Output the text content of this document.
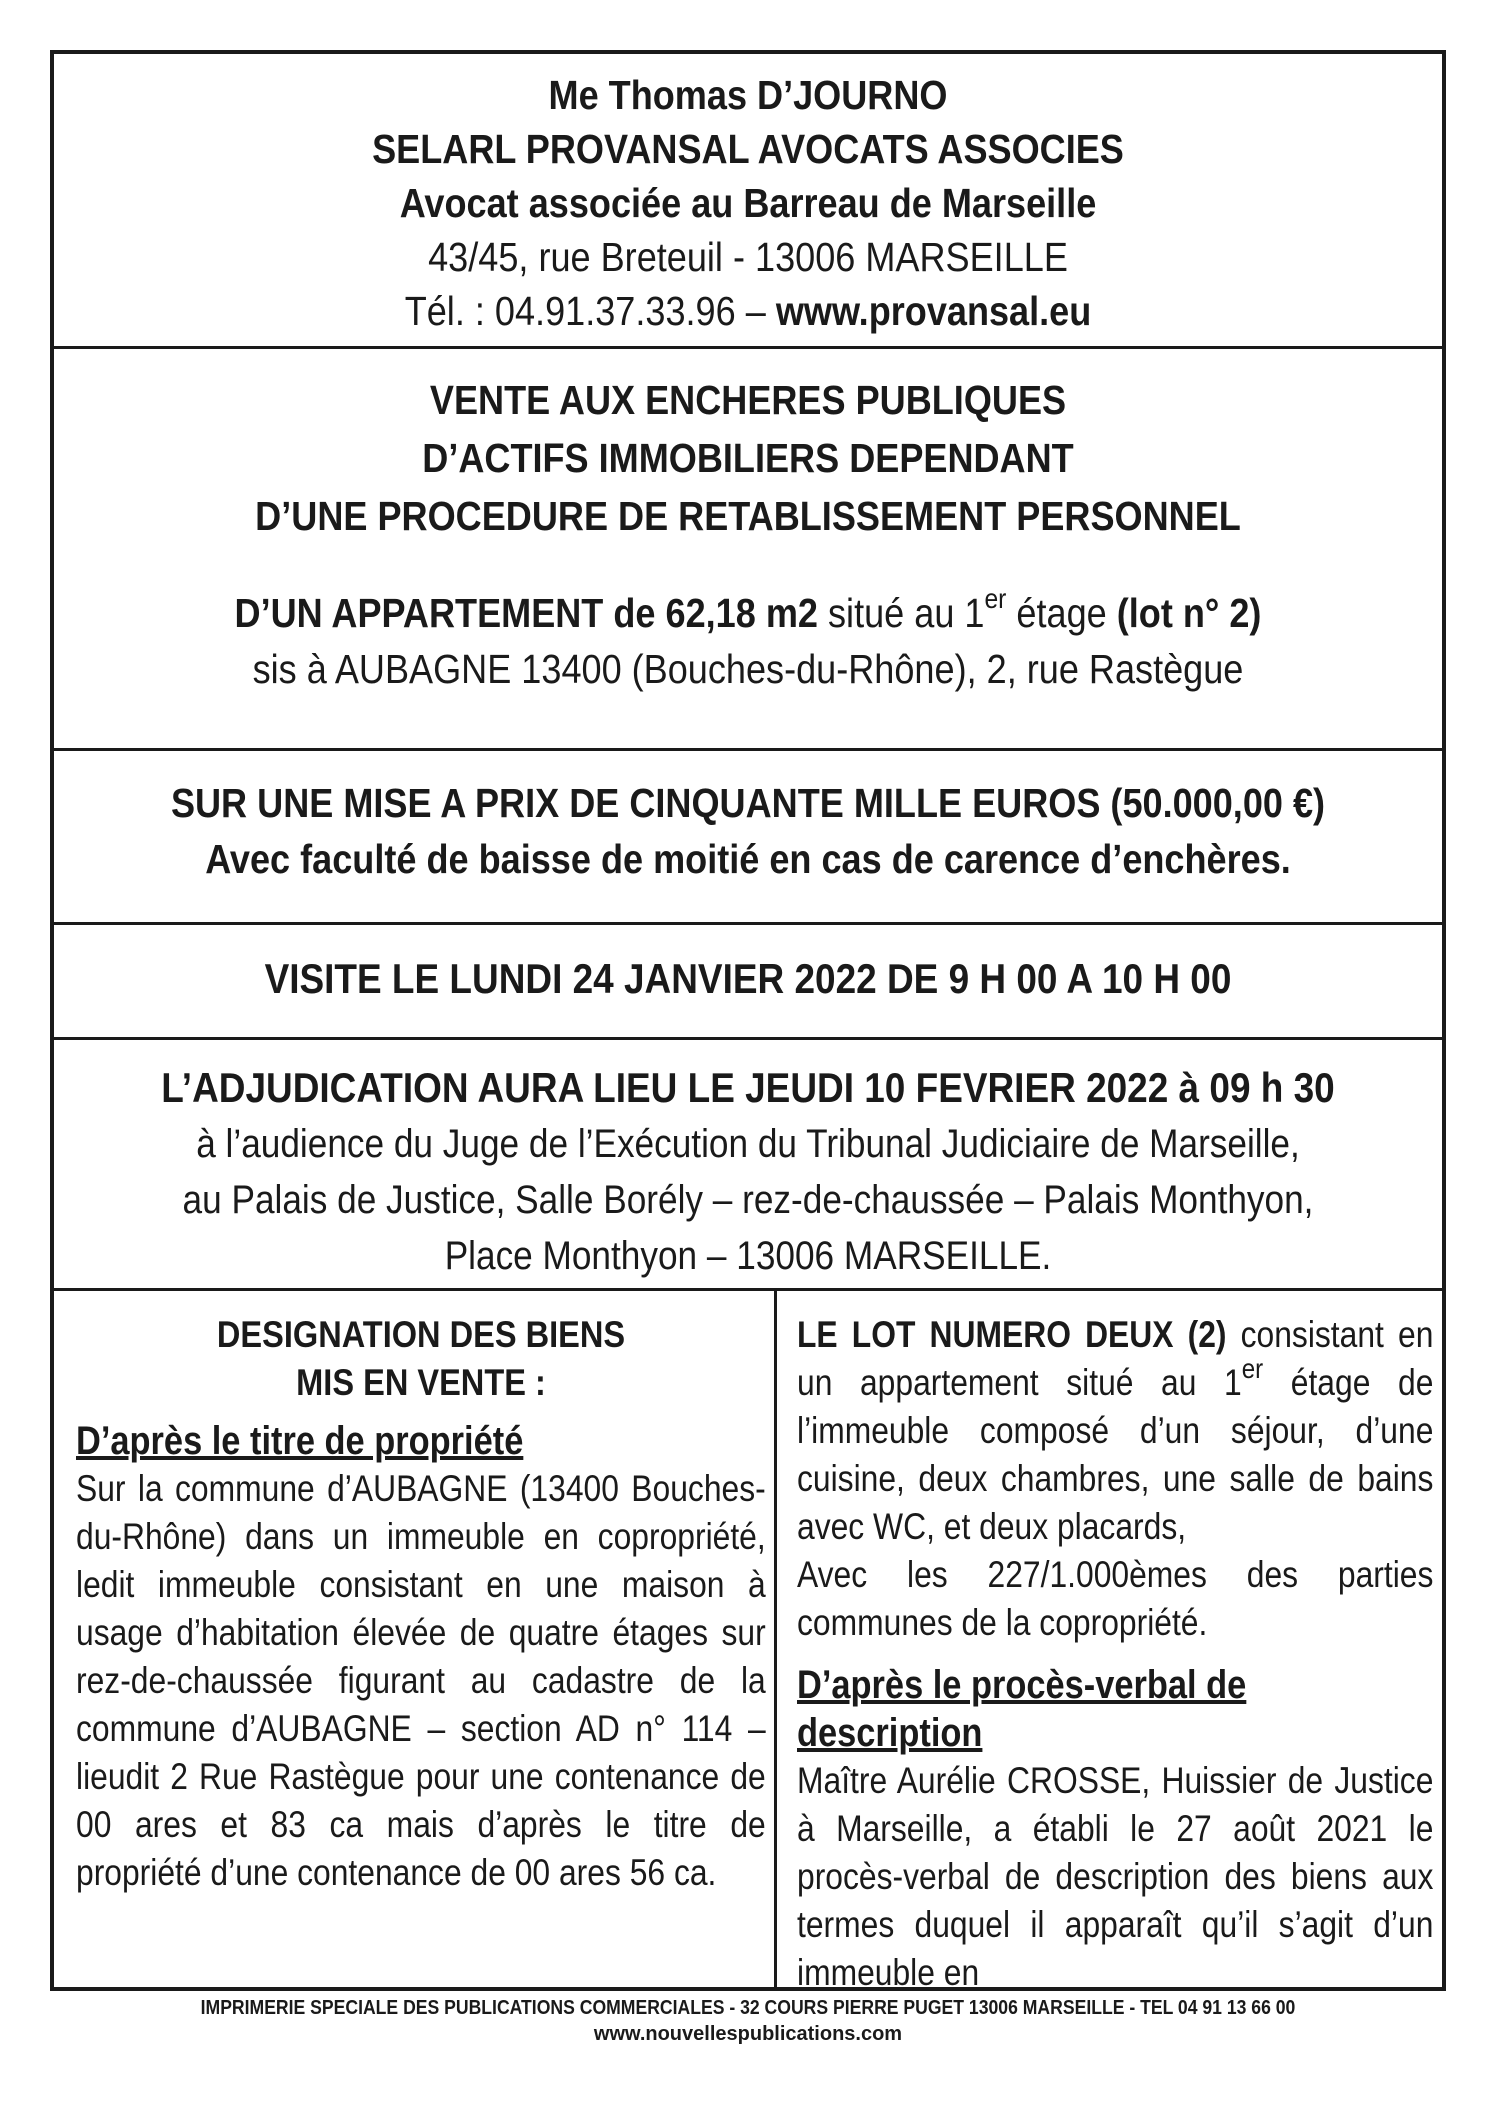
Me Thomas D’JOURNO
SELARL PROVANSAL AVOCATS ASSOCIES
Avocat associée au Barreau de Marseille
43/45, rue Breteuil - 13006 MARSEILLE
Tél. : 04.91.37.33.96 – www.provansal.eu
VENTE AUX ENCHERES PUBLIQUES
D’ACTIFS IMMOBILIERS DEPENDANT
D’UNE PROCEDURE DE RETABLISSEMENT PERSONNEL
D’UN APPARTEMENT de 62,18 m2 situé au 1er étage (lot n° 2)
sis à AUBAGNE 13400 (Bouches-du-Rhône), 2, rue Rastègue
SUR UNE MISE A PRIX DE CINQUANTE MILLE EUROS (50.000,00 €)
Avec faculté de baisse de moitié en cas de carence d’enchères.
VISITE LE LUNDI 24 JANVIER 2022 DE 9 H 00 A 10 H 00
L’ADJUDICATION AURA LIEU LE JEUDI 10 FEVRIER 2022 à 09 h 30
à l’audience du Juge de l’Exécution du Tribunal Judiciaire de Marseille,
au Palais de Justice, Salle Borély – rez-de-chaussée – Palais Monthyon,
Place Monthyon – 13006 MARSEILLE.
DESIGNATION DES BIENS
MIS EN VENTE :
D’après le titre de propriété
Sur la commune d’AUBAGNE (13400 Bouches-du-Rhône) dans un immeuble en copropriété, ledit immeuble consistant en une maison à usage d’habitation élevée de quatre étages sur rez-de-chaussée figurant au cadastre de la commune d’AUBAGNE – section AD n° 114 – lieudit 2 Rue Rastègue pour une contenance de 00 ares et 83 ca mais d’après le titre de propriété d’une contenance de 00 ares 56 ca.
LE LOT NUMERO DEUX (2) consistant en un appartement situé au 1er étage de l’immeuble composé d’un séjour, d’une cuisine, deux chambres, une salle de bains avec WC, et deux placards,
Avec les 227/1.000èmes des parties communes de la copropriété.
D’après le procès-verbal de description
Maître Aurélie CROSSE, Huissier de Justice à Marseille, a établi le 27 août 2021 le procès-verbal de description des biens aux termes duquel il apparaît qu’il s’agit d’un immeuble en
IMPRIMERIE SPECIALE DES PUBLICATIONS COMMERCIALES - 32 COURS PIERRE PUGET 13006 MARSEILLE - TEL 04 91 13 66 00
www.nouvellespublications.com
